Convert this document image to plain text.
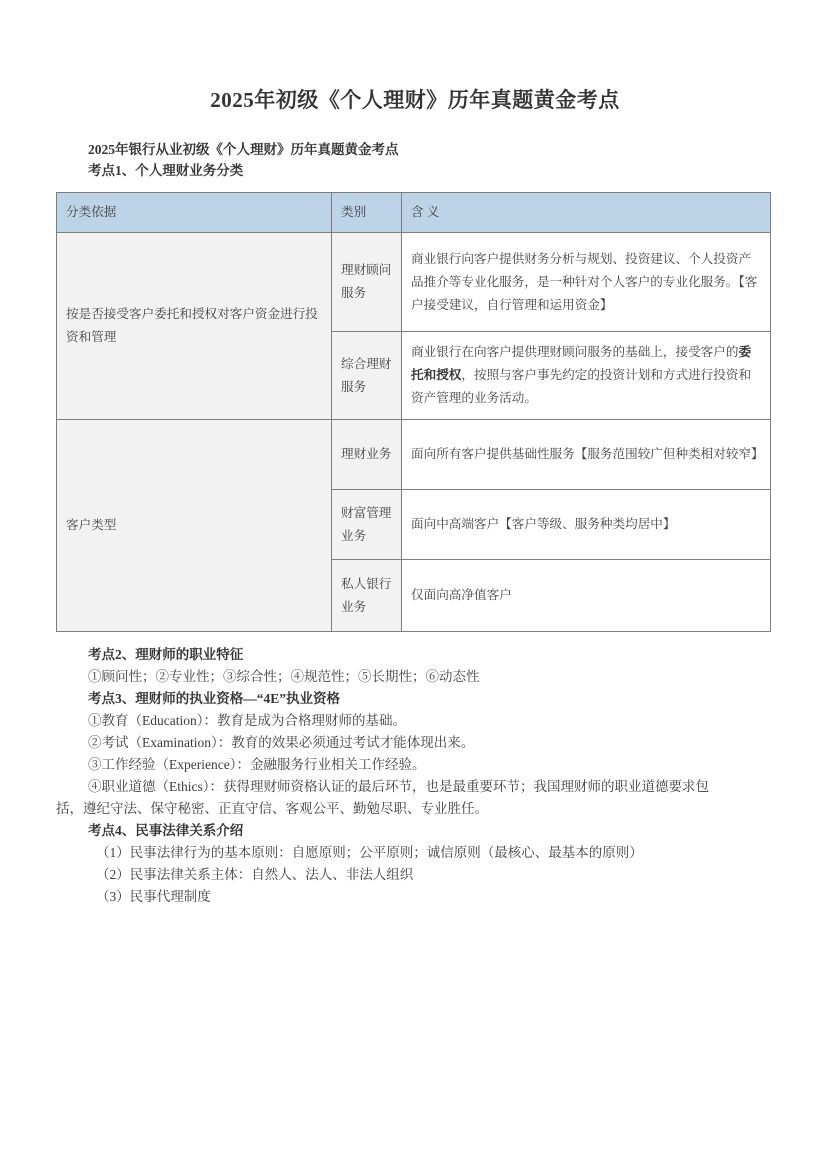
2025年初级《个人理财》历年真题黄金考点
2025年银行从业初级《个人理财》历年真题黄金考点
考点1、个人理财业务分类
分类依据	类别	含 义
按是否接受客户委托和授权对客户资金进行投资和管理	理财顾问服务	商业银行向客户提供财务分析与规划、投资建议、个人投资产品推介等专业化服务，是一种针对个人客户的专业化服务。【客户接受建议，自行管理和运用资金】
	综合理财服务	商业银行在向客户提供理财顾问服务的基础上，接受客户的委托和授权，按照与客户事先约定的投资计划和方式进行投资和资产管理的业务活动。
客户类型	理财业务	面向所有客户提供基础性服务【服务范围较广但种类相对较窄】
	财富管理业务	面向中高端客户【客户等级、服务种类均居中】
	私人银行业务	仅面向高净值客户
考点2、理财师的职业特征
①顾问性；②专业性；③综合性；④规范性；⑤长期性；⑥动态性
考点3、理财师的执业资格—“4E”执业资格
①教育（Education）：教育是成为合格理财师的基础。
②考试（Examination）：教育的效果必须通过考试才能体现出来。
③工作经验（Experience）：金融服务行业相关工作经验。
④职业道德（Ethics）：获得理财师资格认证的最后环节，也是最重要环节；我国理财师的职业道德要求包
括，遵纪守法、保守秘密、正直守信、客观公平、勤勉尽职、专业胜任。
考点4、民事法律关系介绍
（1）民事法律行为的基本原则：自愿原则；公平原则；诚信原则（最核心、最基本的原则）
（2）民事法律关系主体：自然人、法人、非法人组织
（3）民事代理制度
